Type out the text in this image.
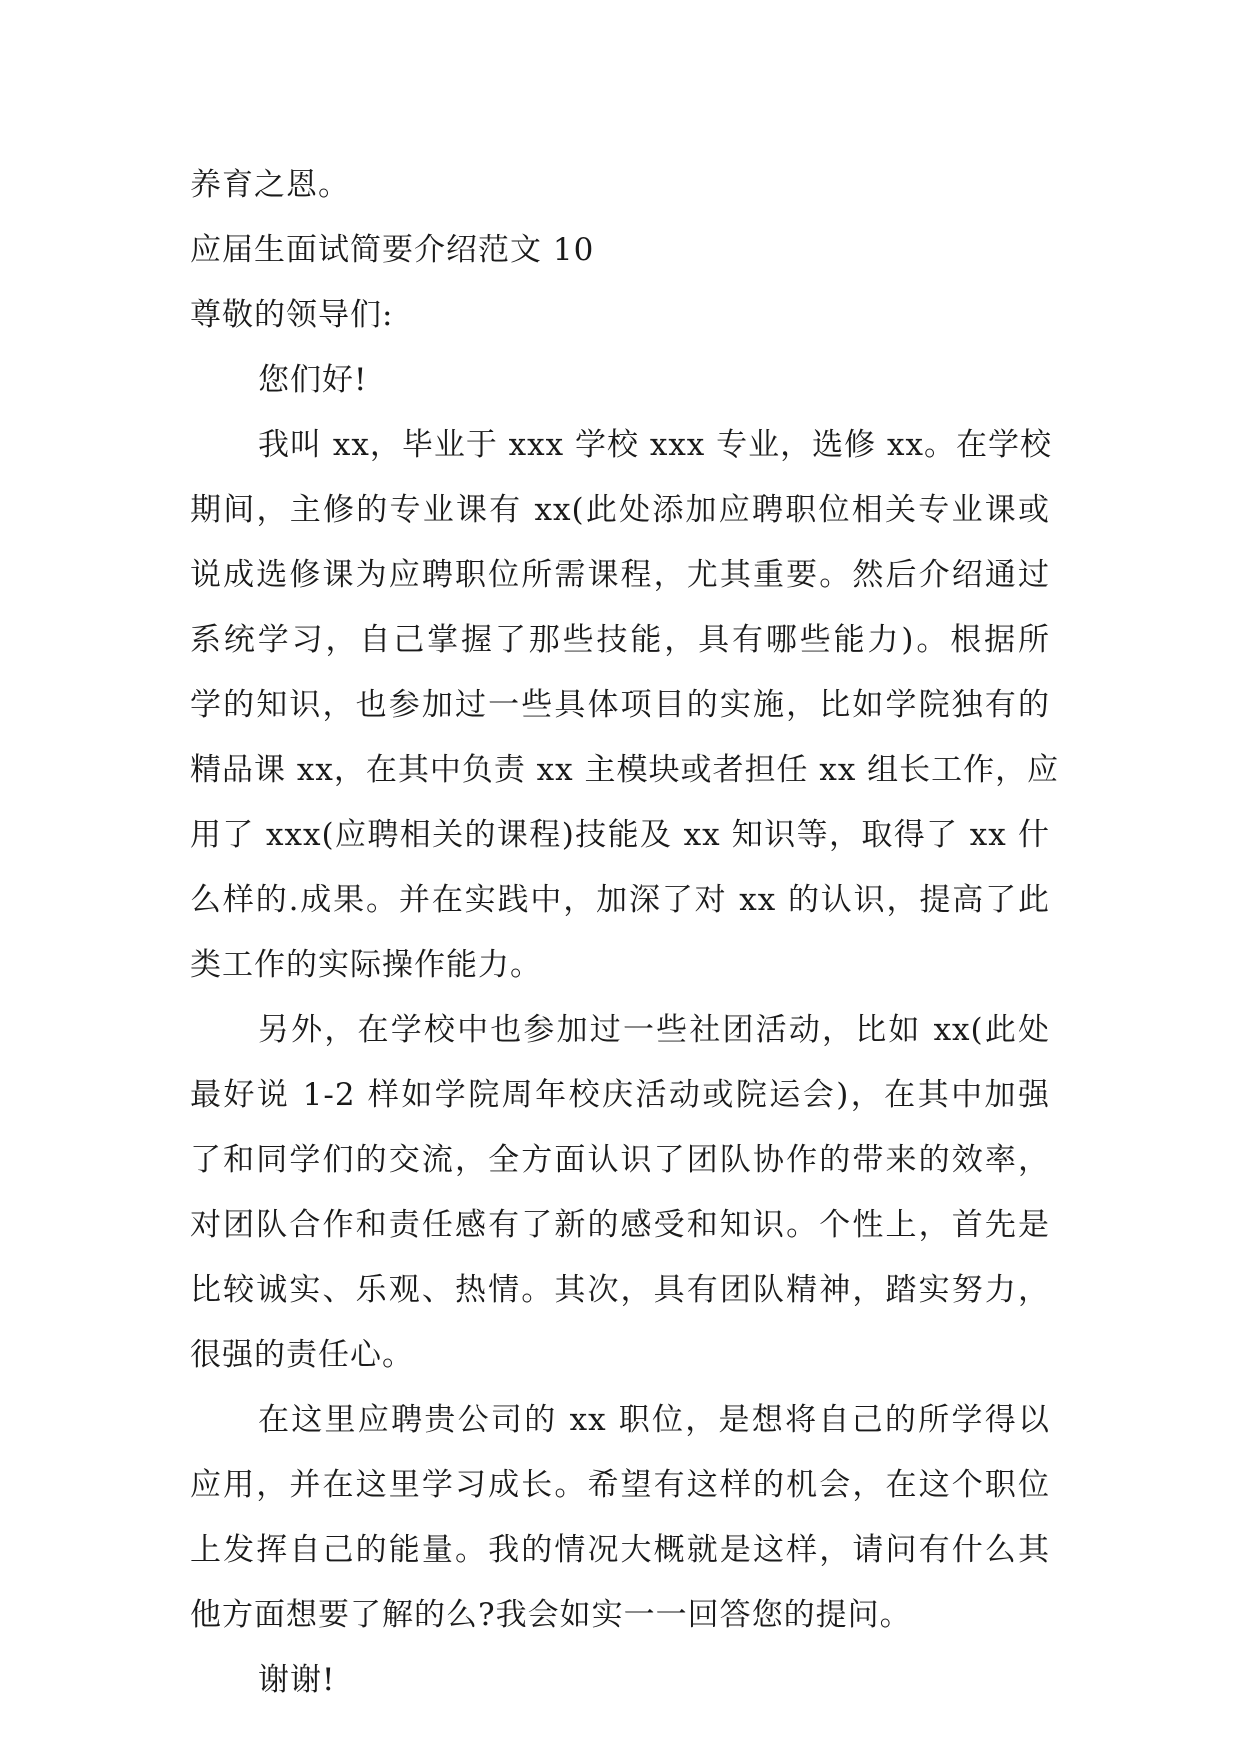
养育之恩。
应届生面试简要介绍范文 10
尊敬的领导们:
您们好!
我叫 xx，毕业于 xxx 学校 xxx 专业，选修 xx。在学校
期间，主修的专业课有 xx(此处添加应聘职位相关专业课或
说成选修课为应聘职位所需课程，尤其重要。然后介绍通过
系统学习，自己掌握了那些技能，具有哪些能力)。根据所
学的知识，也参加过一些具体项目的实施，比如学院独有的
精品课 xx，在其中负责 xx 主模块或者担任 xx 组长工作，应
用了 xxx(应聘相关的课程)技能及 xx 知识等，取得了 xx 什
么样的.成果。并在实践中，加深了对 xx 的认识，提高了此
类工作的实际操作能力。
另外，在学校中也参加过一些社团活动，比如 xx(此处
最好说 1-2 样如学院周年校庆活动或院运会)，在其中加强
了和同学们的交流，全方面认识了团队协作的带来的效率，
对团队合作和责任感有了新的感受和知识。个性上，首先是
比较诚实、乐观、热情。其次，具有团队精神，踏实努力，
很强的责任心。
在这里应聘贵公司的 xx 职位，是想将自己的所学得以
应用，并在这里学习成长。希望有这样的机会，在这个职位
上发挥自己的能量。我的情况大概就是这样，请问有什么其
他方面想要了解的么?我会如实一一回答您的提问。
谢谢!
